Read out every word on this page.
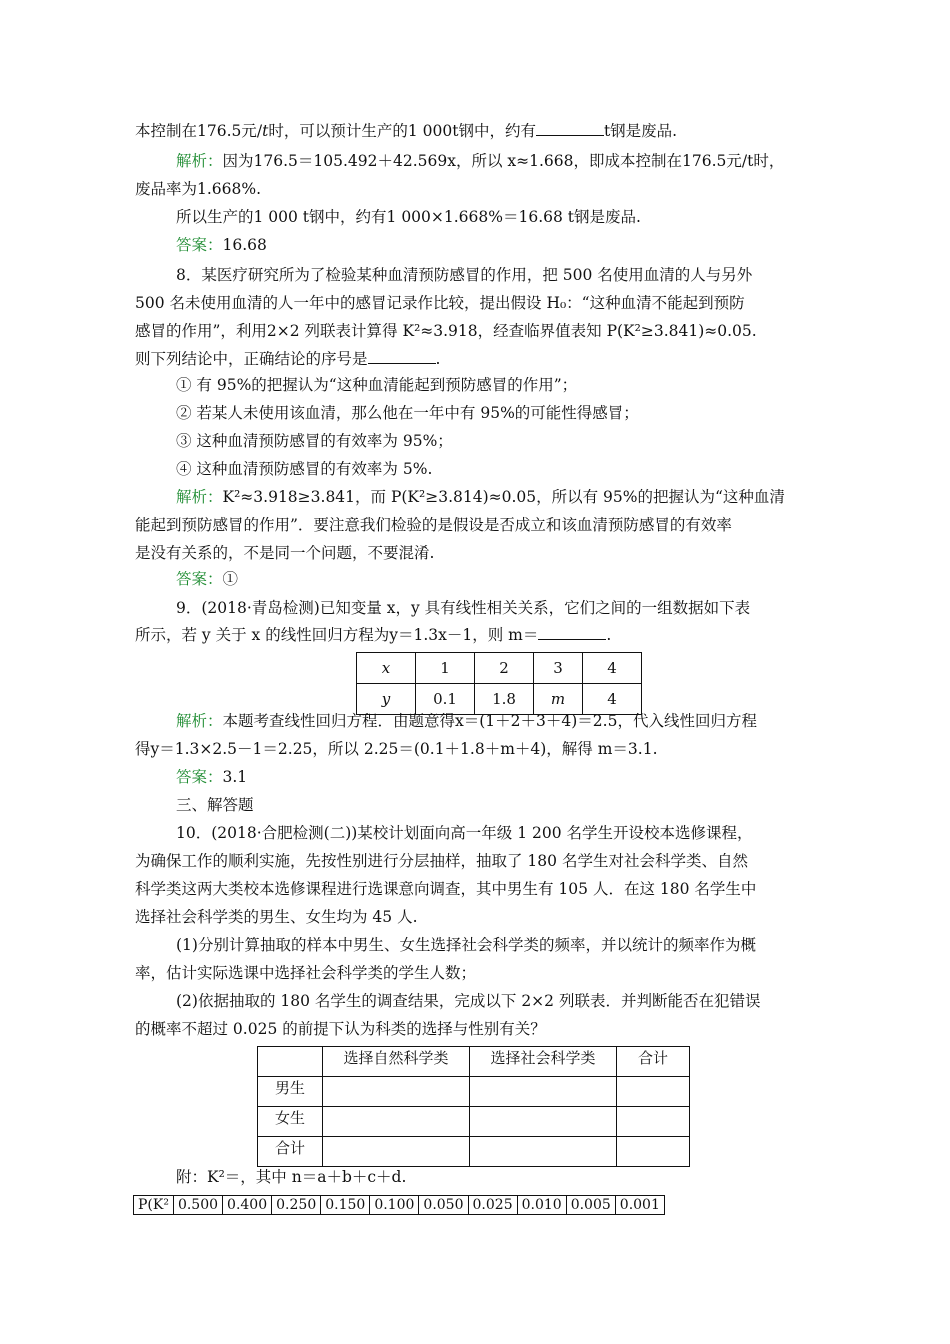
本控制在176.5元/t时，可以预计生产的1 000t钢中，约有	t钢是废品.
解析：因为176.5＝105.492＋42.569x，所以 x≈1.668，即成本控制在176.5元/t时，
废品率为1.668%.
所以生产的1 000 t钢中，约有1 000×1.668%＝16.68 t钢是废品.
答案：16.68
8．某医疗研究所为了检验某种血清预防感冒的作用，把 500 名使用血清的人与另外
500 名未使用血清的人一年中的感冒记录作比较，提出假设 H₀：“这种血清不能起到预防
感冒的作用”，利用2×2 列联表计算得 K²≈3.918，经查临界值表知 P(K²≥3.841)≈0.05.
则下列结论中，正确结论的序号是	.
① 有 95%的把握认为“这种血清能起到预防感冒的作用”；
② 若某人未使用该血清，那么他在一年中有 95%的可能性得感冒；
③ 这种血清预防感冒的有效率为 95%；
④ 这种血清预防感冒的有效率为 5%.
解析：K²≈3.918≥3.841，而 P(K²≥3.814)≈0.05，所以有 95%的把握认为“这种血清
能起到预防感冒的作用”．要注意我们检验的是假设是否成立和该血清预防感冒的有效率
是没有关系的，不是同一个问题，不要混淆.
答案：①
9．(2018·青岛检测)已知变量 x，y 具有线性相关关系，它们之间的一组数据如下表
所示，若 y 关于 x 的线性回归方程为y＝1.3x－1，则 m＝	.
x	1	2	3	4
y	0.1	1.8	m	4
解析：本题考查线性回归方程．由题意得x＝(1＋2＋3＋4)＝2.5，代入线性回归方程
得y＝1.3×2.5－1＝2.25，所以 2.25＝(0.1＋1.8＋m＋4)，解得 m＝3.1.
答案：3.1
三、解答题
10．(2018·合肥检测(二))某校计划面向高一年级 1 200 名学生开设校本选修课程，
为确保工作的顺利实施，先按性别进行分层抽样，抽取了 180 名学生对社会科学类、自然
科学类这两大类校本选修课程进行选课意向调查，其中男生有 105 人．在这 180 名学生中
选择社会科学类的男生、女生均为 45 人.
(1)分别计算抽取的样本中男生、女生选择社会科学类的频率，并以统计的频率作为概
率，估计实际选课中选择社会科学类的学生人数；
(2)依据抽取的 180 名学生的调查结果，完成以下 2×2 列联表．并判断能否在犯错误
的概率不超过 0.025 的前提下认为科类的选择与性别有关？
	选择自然科学类	选择社会科学类	合计
男生			
女生			
合计			
附：K²＝，其中 n＝a＋b＋c＋d.
P(K²	0.500	0.400	0.250	0.150	0.100	0.050	0.025	0.010	0.005	0.001
